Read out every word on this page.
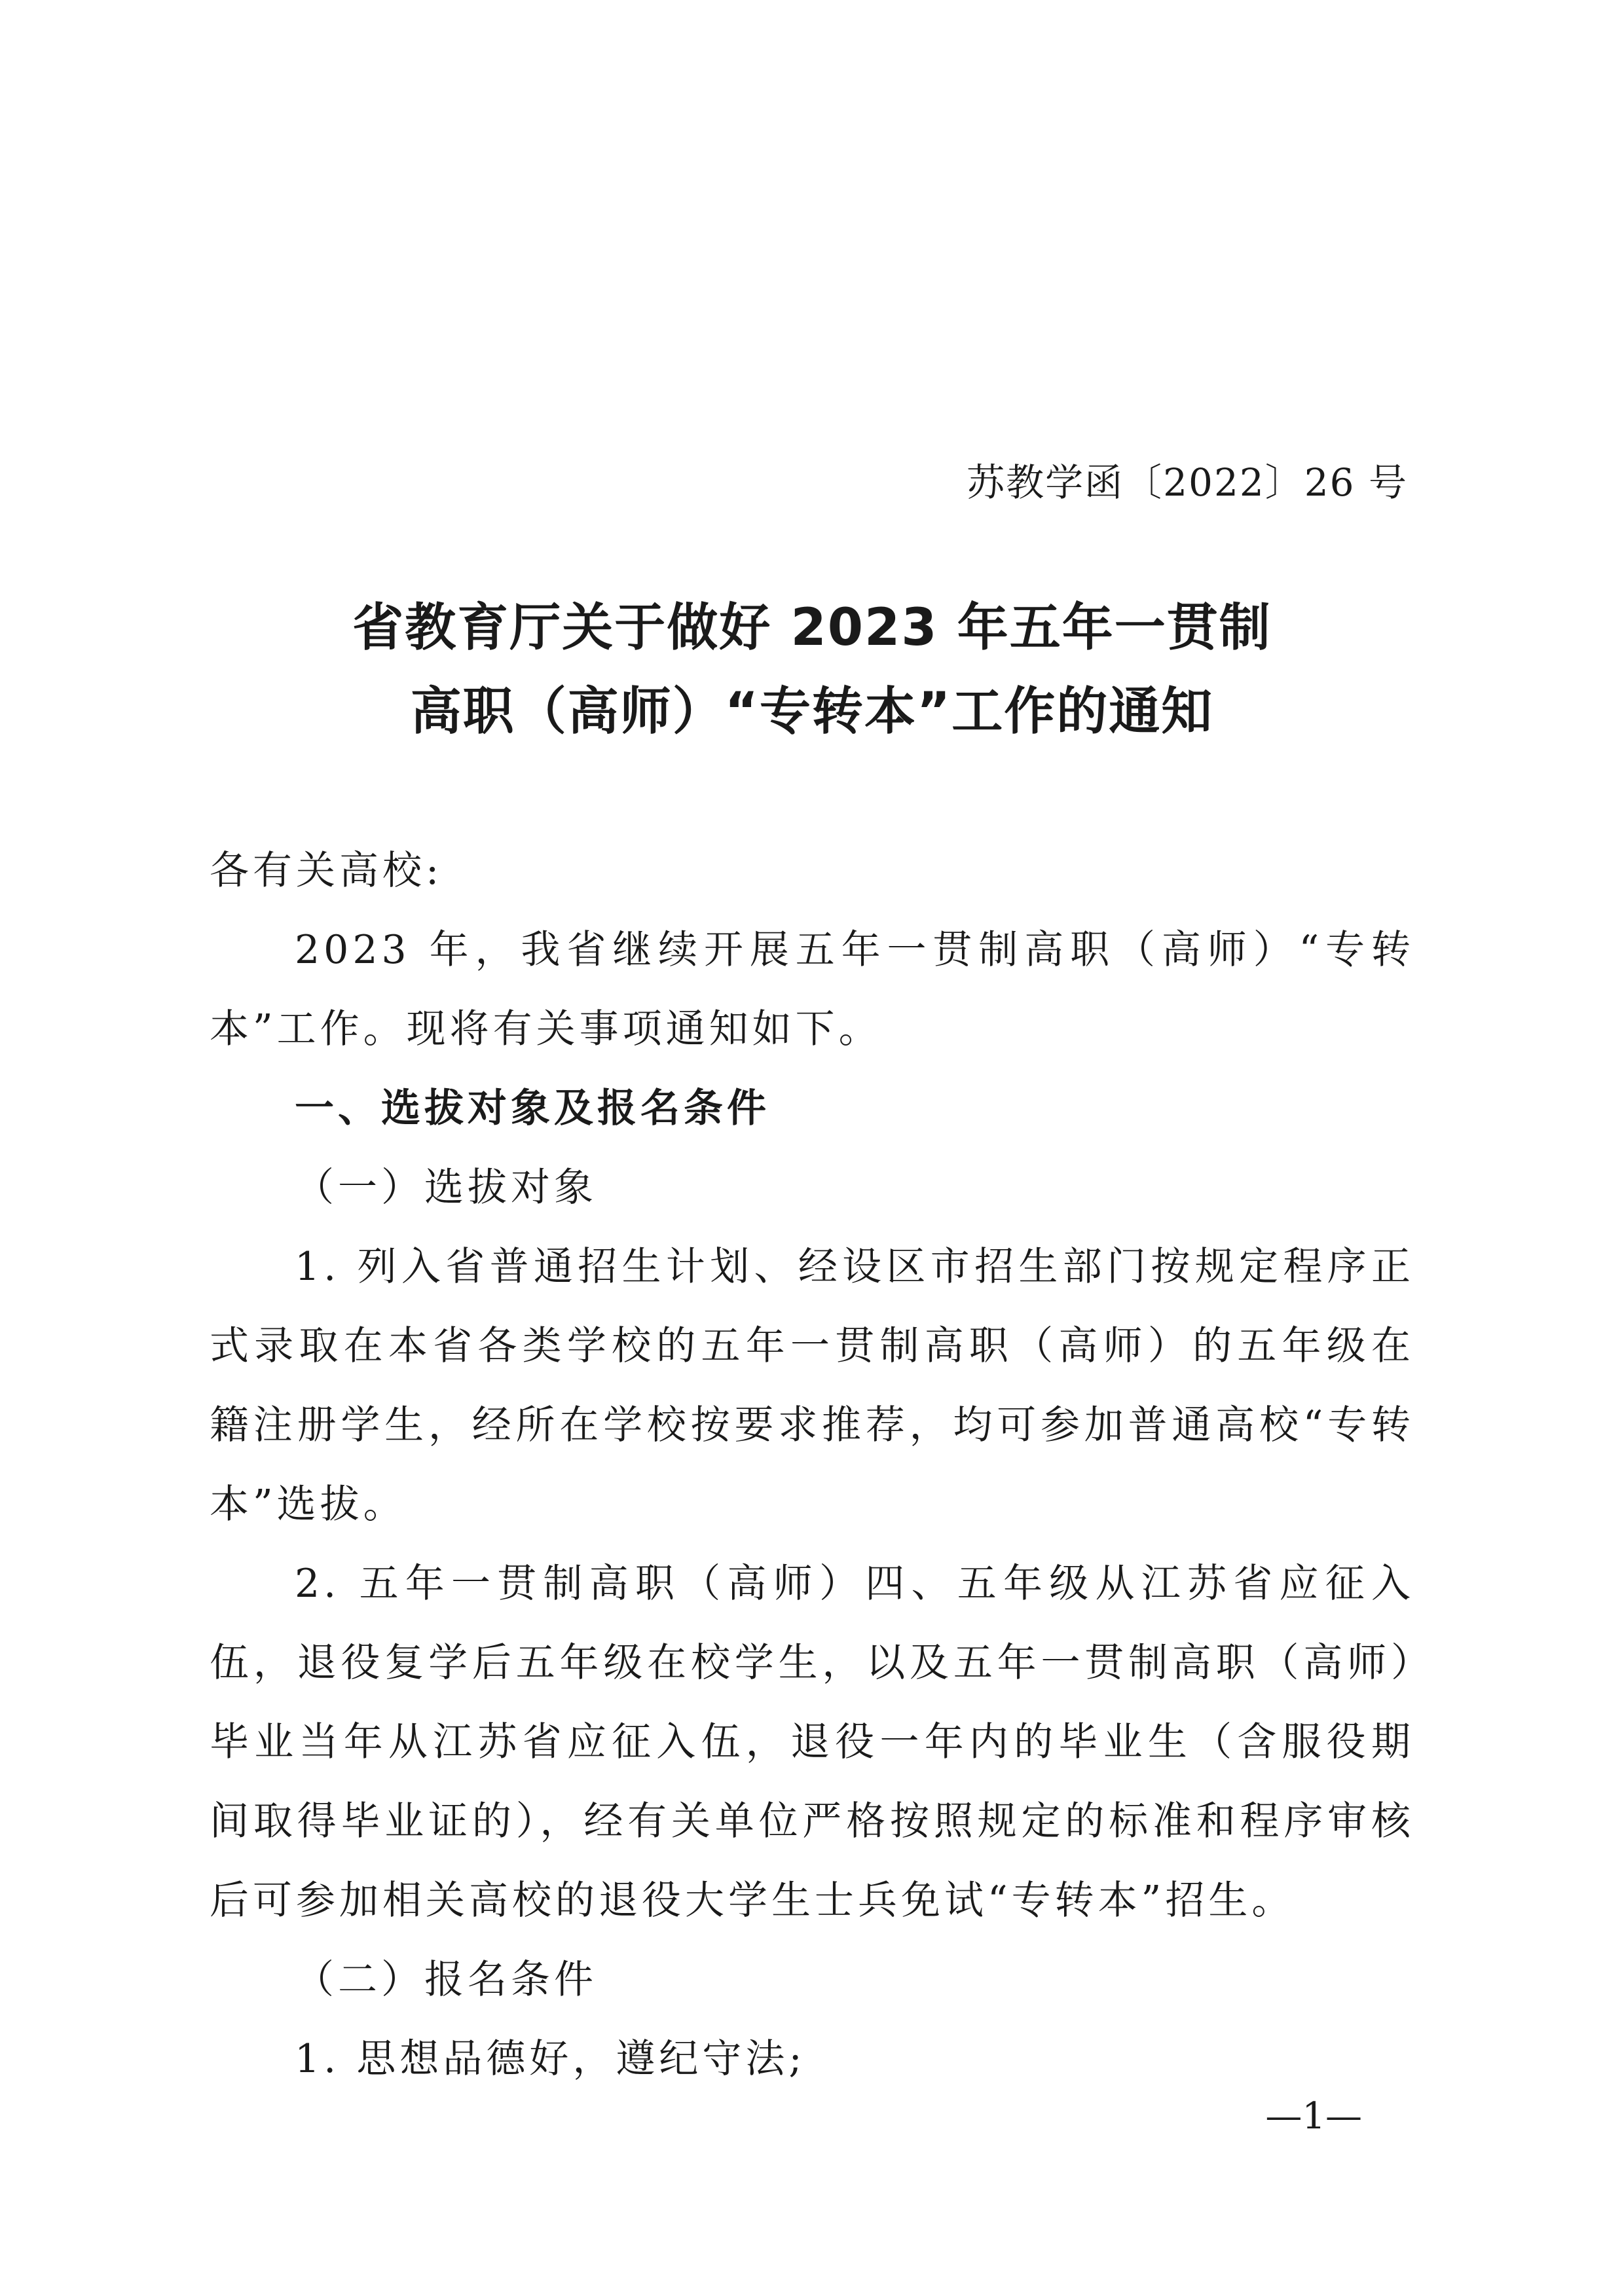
苏教学函〔2022〕26 号
省教育厅关于做好 2023 年五年一贯制
高职（高师）“专转本”工作的通知

各有关高校:

2023 年，我省继续开展五年一贯制高职（高师）“专转本”工作。现将有关事项通知如下。

一、选拔对象及报名条件

（一）选拔对象

1. 列入省普通招生计划、经设区市招生部门按规定程序正式录取在本省各类学校的五年一贯制高职（高师）的五年级在籍注册学生，经所在学校按要求推荐，均可参加普通高校“专转本”选拔。

2. 五年一贯制高职（高师）四、五年级从江苏省应征入伍，退役复学后五年级在校学生，以及五年一贯制高职（高师）毕业当年从江苏省应征入伍，退役一年内的毕业生（含服役期间取得毕业证的），经有关单位严格按照规定的标准和程序审核后可参加相关高校的退役大学生士兵免试“专转本”招生。

（二）报名条件

1. 思想品德好，遵纪守法;

—1—
